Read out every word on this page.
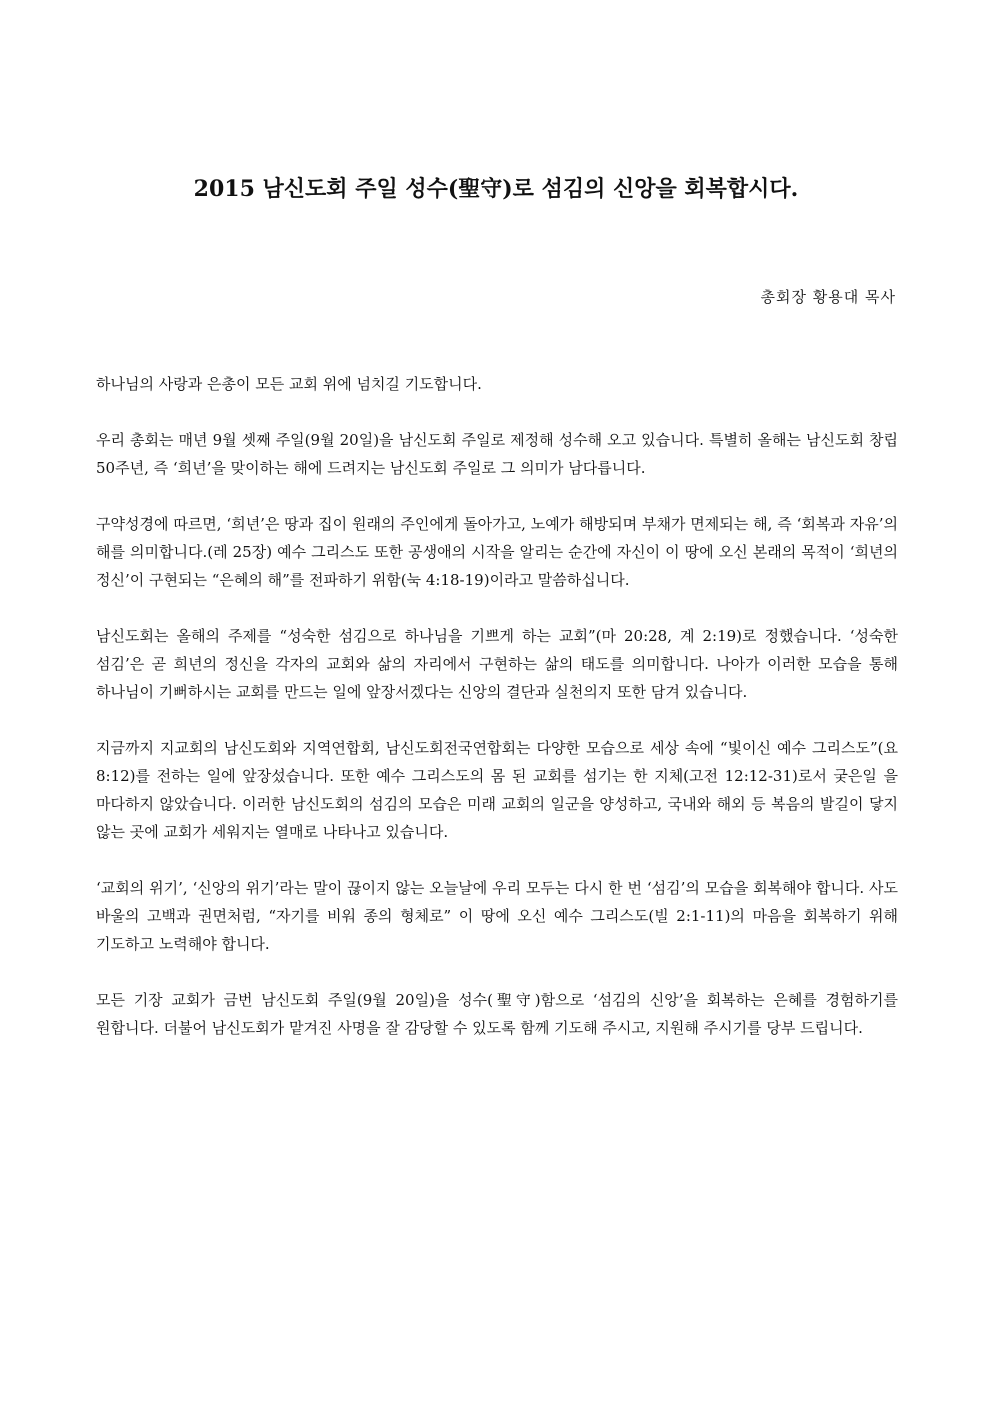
2015 남신도회 주일 성수(聖守)로 섬김의 신앙을 회복합시다.
총회장 황용대 목사

하나님의 사랑과 은총이 모든 교회 위에 넘치길 기도합니다.

우리 총회는 매년 9월 셋째 주일(9월 20일)을 남신도회 주일로 제정해 성수해 오고 있습니다. 특별히 올해는 남신도회 창립 50주년, 즉 ‘희년’을 맞이하는 해에 드려지는 남신도회 주일로 그 의미가 남다릅니다.

구약성경에 따르면, ‘희년’은 땅과 집이 원래의 주인에게 돌아가고, 노예가 해방되며 부채가 면제되는 해, 즉 ‘회복과 자유’의 해를 의미합니다.(레 25장) 예수 그리스도 또한 공생애의 시작을 알리는 순간에 자신이 이 땅에 오신 본래의 목적이 ‘희년의 정신’이 구현되는 “은혜의 해”를 전파하기 위함(눅 4:18-19)이라고 말씀하십니다.

남신도회는 올해의 주제를 “성숙한 섬김으로 하나님을 기쁘게 하는 교회”(마 20:28, 계 2:19)로 정했습니다. ‘성숙한 섬김’은 곧 희년의 정신을 각자의 교회와 삶의 자리에서 구현하는 삶의 태도를 의미합니다. 나아가 이러한 모습을 통해 하나님이 기뻐하시는 교회를 만드는 일에 앞장서겠다는 신앙의 결단과 실천의지 또한 담겨 있습니다.

지금까지 지교회의 남신도회와 지역연합회, 남신도회전국연합회는 다양한 모습으로 세상 속에 “빛이신 예수 그리스도”(요 8:12)를 전하는 일에 앞장섰습니다. 또한 예수 그리스도의 몸 된 교회를 섬기는 한 지체(고전 12:12-31)로서 궂은일 을 마다하지 않았습니다. 이러한 남신도회의 섬김의 모습은 미래 교회의 일군을 양성하고, 국내와 해외 등 복음의 발길이 닿지 않는 곳에 교회가 세워지는 열매로 나타나고 있습니다.

‘교회의 위기’, ‘신앙의 위기’라는 말이 끊이지 않는 오늘날에 우리 모두는 다시 한 번 ‘섬김’의 모습을 회복해야 합니다. 사도 바울의 고백과 권면처럼, “자기를 비워 종의 형체로” 이 땅에 오신 예수 그리스도(빌 2:1-11)의 마음을 회복하기 위해 기도하고 노력해야 합니다.

모든 기장 교회가 금번 남신도회 주일(9월 20일)을 성수(聖守)함으로 ‘섬김의 신앙’을 회복하는 은혜를 경험하기를 원합니다. 더불어 남신도회가 맡겨진 사명을 잘 감당할 수 있도록 함께 기도해 주시고, 지원해 주시기를 당부 드립니다.
